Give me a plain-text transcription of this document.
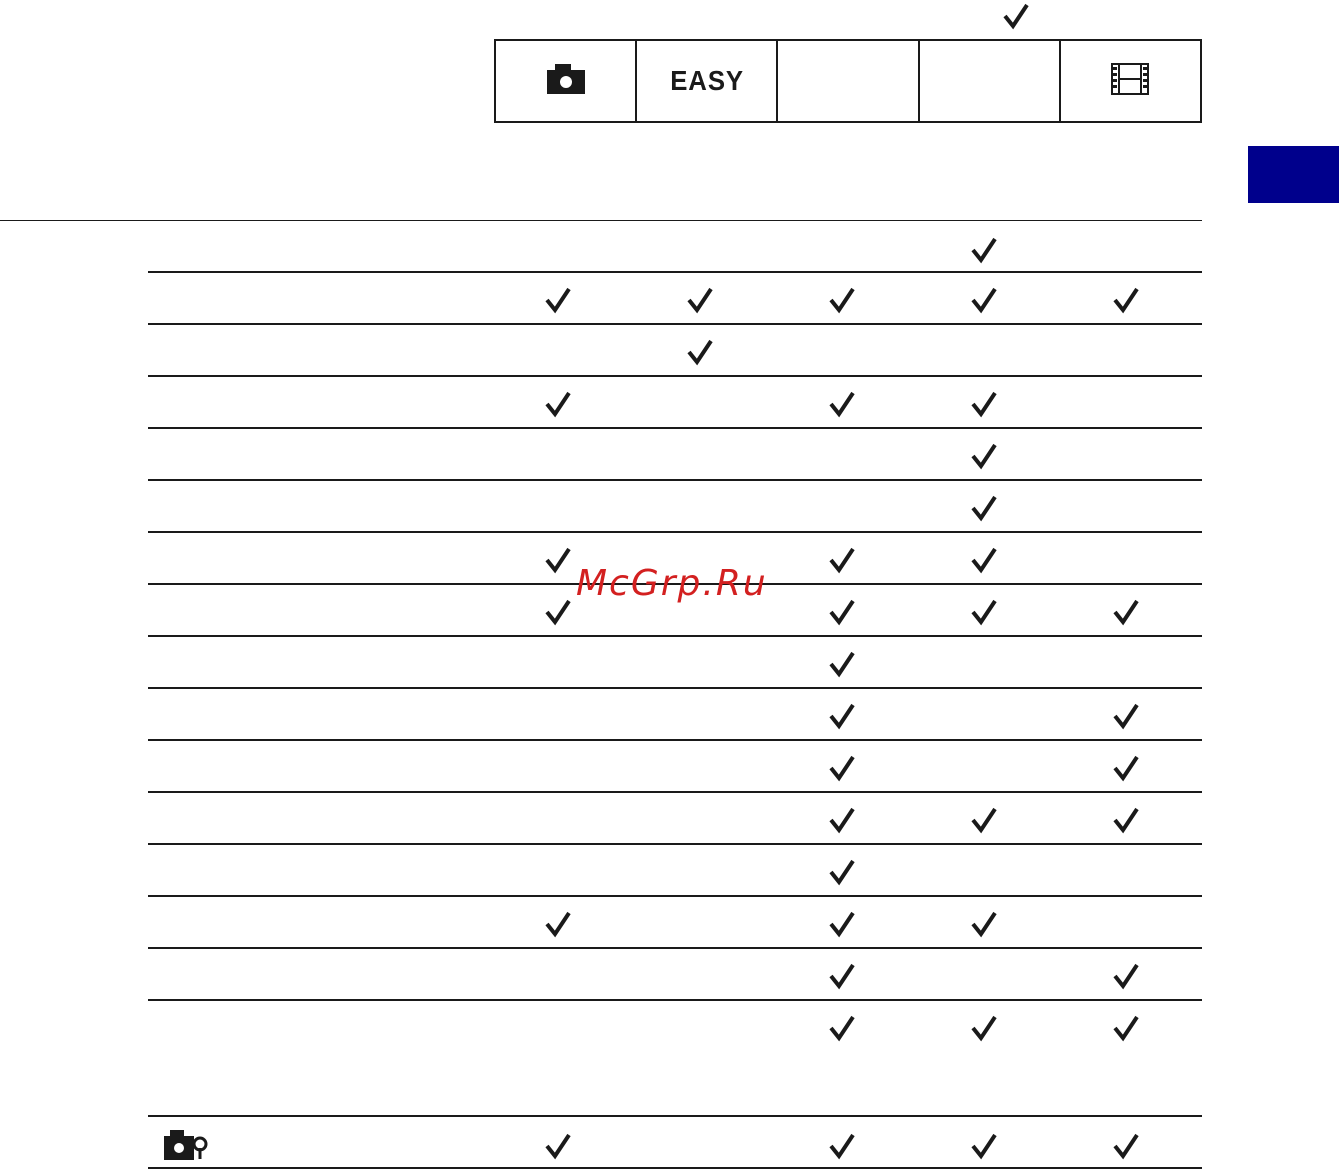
EASY
McGrp.Ru
